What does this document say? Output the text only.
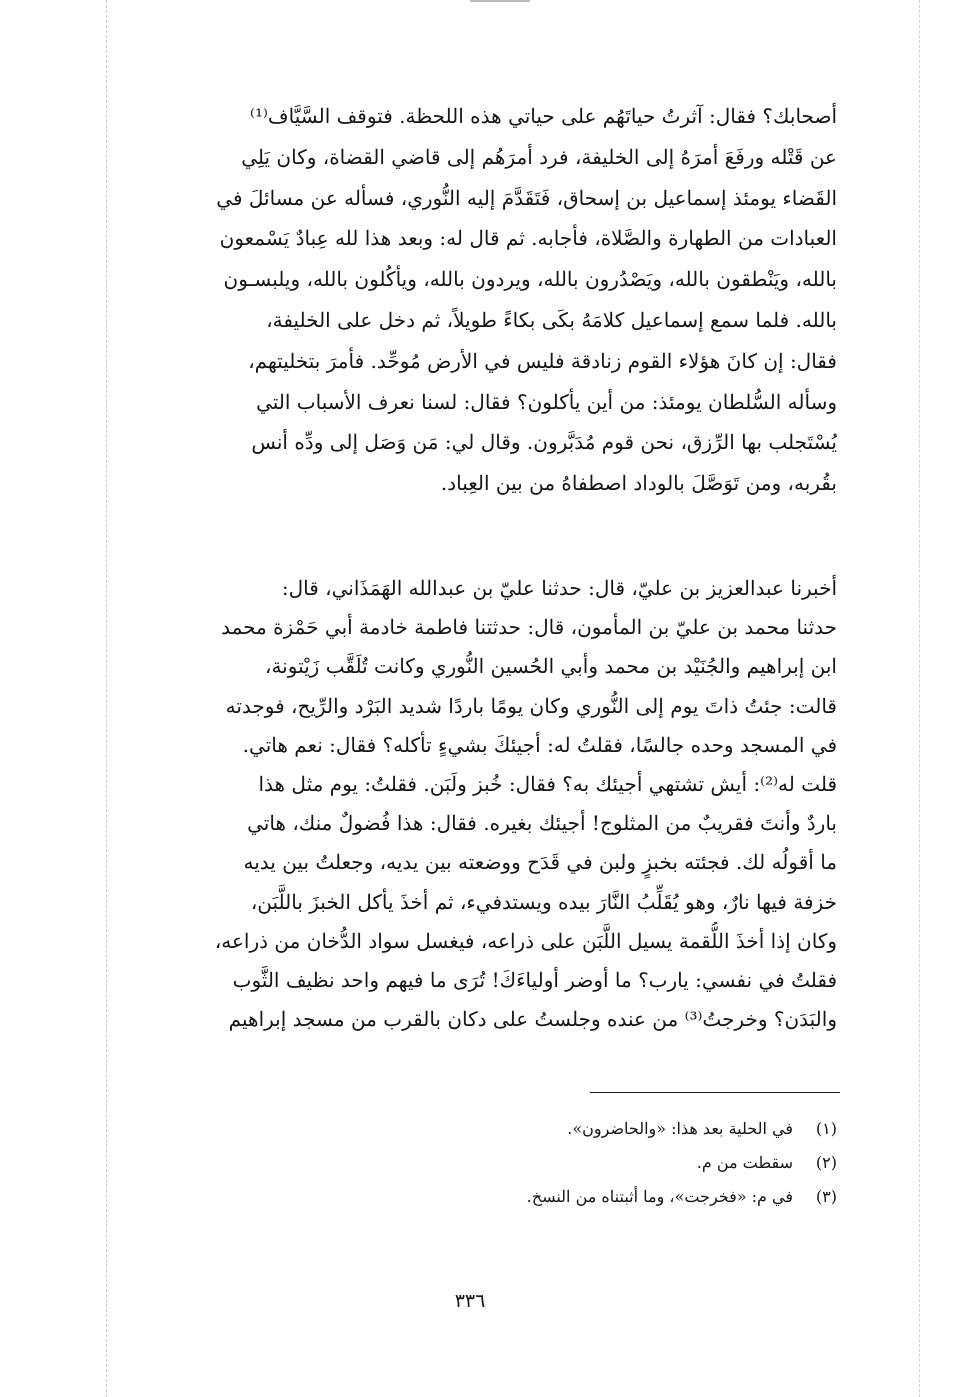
أصحابك؟ فقال: آثرتُ حياتَهُم على حياتي هذه اللحظة. فتوقف السَّيَّاف⁽¹⁾
عن قَتْله ورفَعَ أمرَهُ إلى الخليفة، فرد أمرَهُم إلى قاضي القضاة، وكان يَلِي
القَضاء يومئذ إسماعيل بن إسحاق، فَتَقَدَّمَ إليه النُّوري، فسأله عن مسائلَ في
العبادات من الطهارة والصَّلاة، فأجابه. ثم قال له: وبعد هذا لله عِبادٌ يَسْمعون
بالله، ويَنْطقون بالله، ويَصْدُرون بالله، ويردون بالله، ويأكُلون بالله، ويلبسـون
بالله. فلما سمع إسماعيل كلامَهُ بكَى بكاءً طويلاً، ثم دخل على الخليفة،
فقال: إن كانَ هؤلاء القوم زنادقة فليس في الأرض مُوحِّد. فأمرَ بتخليتهم،
وسأله السُّلطان يومئذ: من أين يأكلون؟ فقال: لسنا نعرف الأسباب التي
يُسْتَجلب بها الرِّزق، نحن قوم مُدَبَّرون. وقال لي: مَن وَصَل إلى ودِّه أنس
بقُربه، ومن تَوَصَّلَ بالوداد اصطفاهُ من بين العِباد.
أخبرنا عبدالعزيز بن عليّ، قال: حدثنا عليّ بن عبدالله الهَمَذَاني، قال:
حدثنا محمد بن عليّ بن المأمون، قال: حدثتنا فاطمة خادمة أبي حَمْزة محمد
ابن إبراهيم والجُنَيْد بن محمد وأبي الحُسين النُّوري وكانت تُلَقَّب زَيْتونة،
قالت: جئتُ ذاتَ يوم إلى النُّوري وكان يومًا باردًا شديد البَرْد والرِّيح، فوجدته
في المسجد وحده جالسًا، فقلتُ له: أجيئكَ بشيءٍ تأكله؟ فقال: نعم هاتي.
قلت له⁽²⁾: أيش تشتهي أجيئك به؟ فقال: خُبز ولَبَن. فقلتُ: يوم مثل هذا
باردٌ وأنتَ فقريبٌ من المثلوج! أجيئك بغيره. فقال: هذا فُضولٌ منك، هاتي
ما أقولُه لك. فجئته بخبزٍ ولبن في قَدَح ووضعته بين يديه، وجعلتُ بين يديه
خزفة فيها نارٌ، وهو يُقَلِّبُ النَّارَ بيده ويستدفيء، ثم أخذَ يأكل الخبزَ باللَّبَن،
وكان إذا أخذَ اللُّقمة يسيل اللَّبَن على ذراعه، فيغسل سواد الدُّخان من ذراعه،
فقلتُ في نفسي: يارب؟ ما أوضر أولياءَكَ! تُرَى ما فيهم واحد نظيف الثَّوب
والبَدَن؟ وخرجتُ⁽³⁾ من عنده وجلستُ على دكان بالقرب من مسجد إبراهيم
(١)
في الحلية بعد هذا: «والحاضرون».
(٢)
سقطت من م.
(٣)
في م: «فخرجت»، وما أثبتناه من النسخ.
٣٣٦
